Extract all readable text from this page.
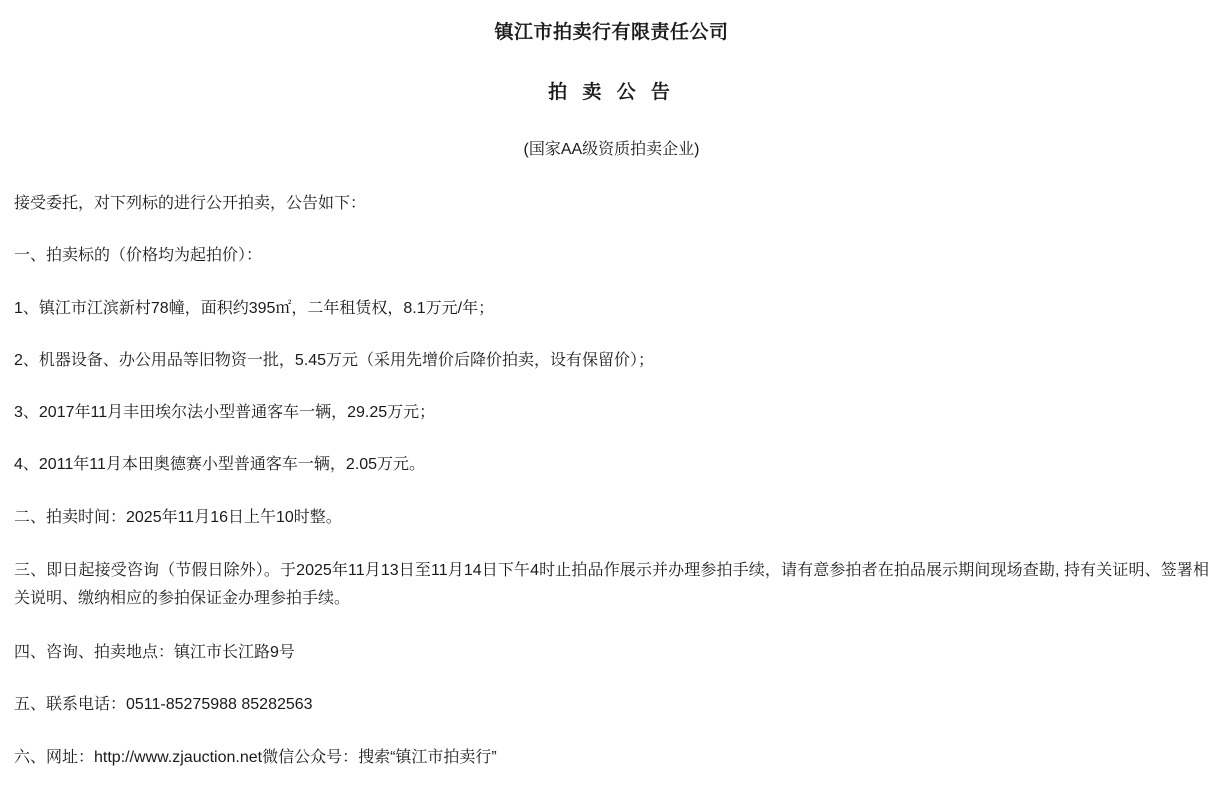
镇江市拍卖行有限责任公司
拍 卖 公 告
(国家AA级资质拍卖企业)
接受委托，对下列标的进行公开拍卖，公告如下：
一、拍卖标的（价格均为起拍价）：
1、镇江市江滨新村78幢，面积约395㎡，二年租赁权，8.1万元/年；
2、机器设备、办公用品等旧物资一批，5.45万元（采用先增价后降价拍卖，设有保留价）；
3、2017年11月丰田埃尔法小型普通客车一辆，29.25万元；
4、2011年11月本田奥德赛小型普通客车一辆，2.05万元。
二、拍卖时间：2025年11月16日上午10时整。
三、即日起接受咨询（节假日除外）。于2025年11月13日至11月14日下午4时止拍品作展示并办理参拍手续，请有意参拍者在拍品展示期间现场查勘, 持有关证明、签署相关说明、缴纳相应的参拍保证金办理参拍手续。
四、咨询、拍卖地点：镇江市长江路9号
五、联系电话：0511-85275988 85282563
六、网址：http://www.zjauction.net微信公众号：搜索“镇江市拍卖行”
